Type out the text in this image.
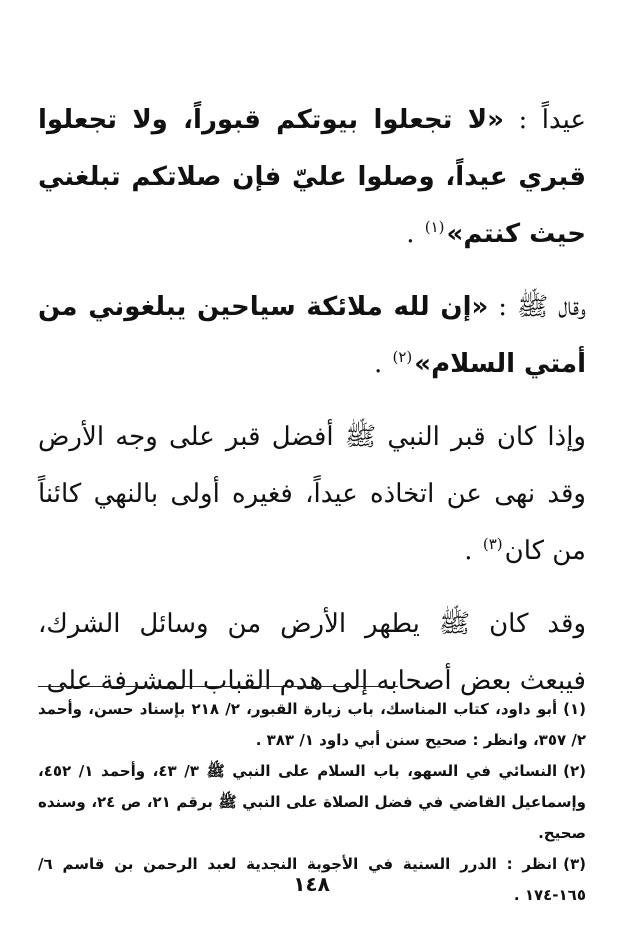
عيداً : «لا تجعلوا بيوتكم قبوراً، ولا تجعلوا قبري عيداً، وصلوا عليّ فإن صلاتكم تبلغني حيث كنتم»$^{(١)}$ .

وقال ﷺ : «إن لله ملائكة سياحين يبلغوني من أمتي السلام»$^{(٢)}$ .

وإذا كان قبر النبي ﷺ أفضل قبر على وجه الأرض وقد نهى عن اتخاذه عيداً، فغيره أولى بالنهي كائناً من كان$^{(٣)}$ .

وقد كان ﷺ يطهر الأرض من وسائل الشرك، فيبعث بعض أصحابه إلى هدم القباب المشرفة على

(١)أبو داود، كتاب المناسك، باب زيارة القبور، ٢/ ٢١٨ بإسناد حسن، وأحمد ٢/ ٣٥٧، وانظر : صحيح سنن أبي داود ١/ ٣٨٣ .

(٢)النسائي في السهو، باب السلام على النبي ﷺ ٣/ ٤٣، وأحمد ١/ ٤٥٢، وإسماعيل القاضي في فضل الصلاة على النبي ﷺ برقم ٢١، ص ٢٤، وسنده صحيح.

(٣)انظر : الدرر السنية في الأجوبة النجدية لعبد الرحمن بن قاسم ٦/ ١٦٥-١٧٤ .

١٤٨
